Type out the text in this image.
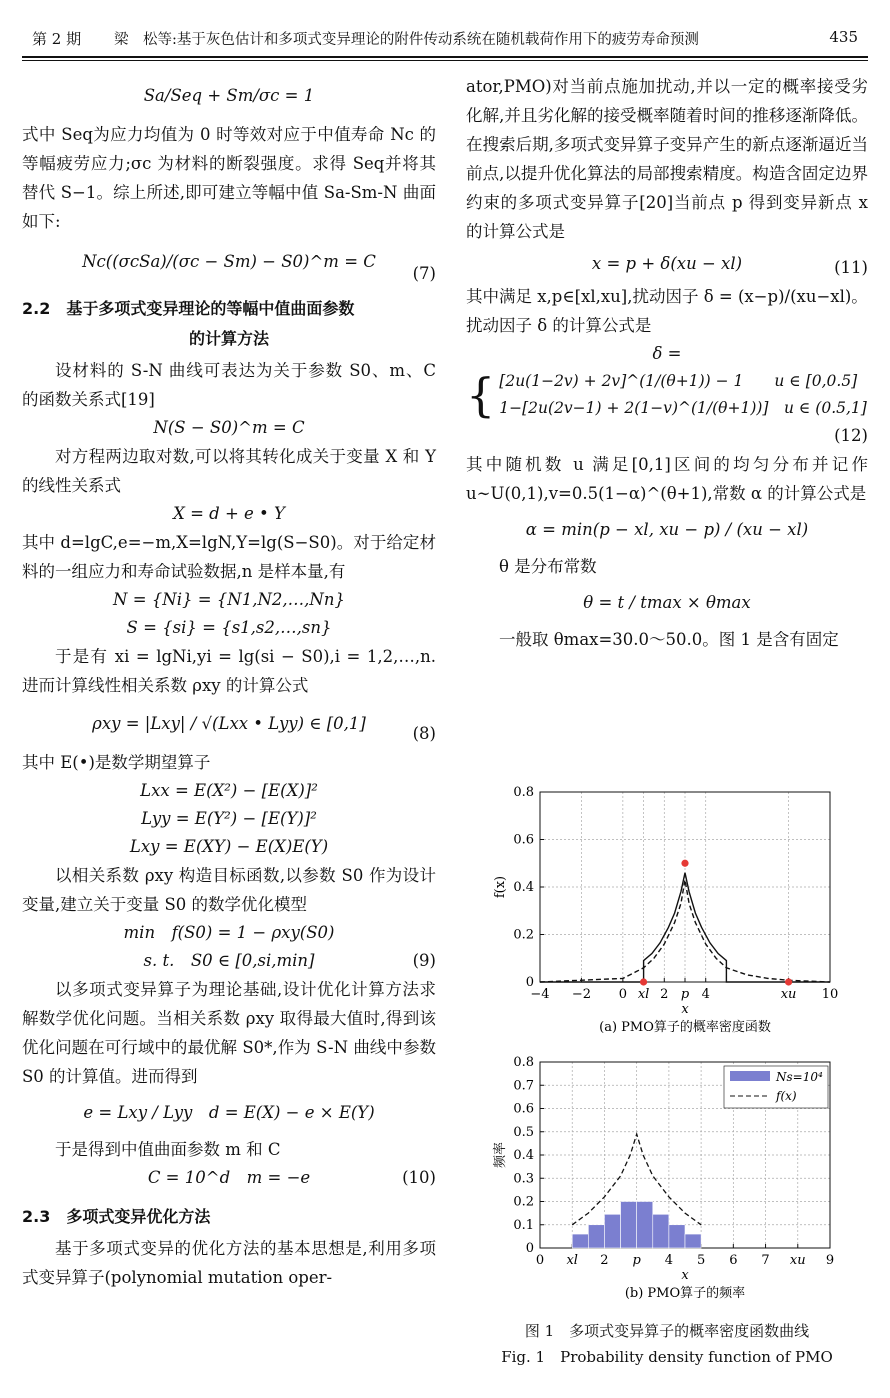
第 2 期 梁　松等:基于灰色估计和多项式变异理论的附件传动系统在随机载荷作用下的疲劳寿命预测	435
Sa/Seq + Sm/σc = 1

式中 Seq为应力均值为 0 时等效对应于中值寿命 Nc 的等幅疲劳应力;σc 为材料的断裂强度。求得 Seq并将其替代 S−1。综上所述,即可建立等幅中值 Sa-Sm-N 曲面如下:

Nc((σcSa)/(σc − Sm) − S0)^m = C
(7)
2.2　基于多项式变异理论的等幅中值曲面参数
的计算方法

设材料的 S-N 曲线可表达为关于参数 S0、m、C 的函数关系式[19]

N(S − S0)^m = C

对方程两边取对数,可以将其转化成关于变量 X 和 Y 的线性关系式

X = d + e • Y

其中 d=lgC,e=−m,X=lgN,Y=lg(S−S0)。对于给定材料的一组应力和寿命试验数据,n 是样本量,有

N = {Ni} = {N1,N2,…,Nn}
S = {si} = {s1,s2,…,sn}

于是有 xi = lgNi,yi = lg(si − S0),i = 1,2,…,n.进而计算线性相关系数 ρxy 的计算公式

ρxy = |Lxy| / √(Lxx • Lyy) ∈ [0,1]
(8)

其中 E(•)是数学期望算子

Lxx = E(X²) − [E(X)]²
Lyy = E(Y²) − [E(Y)]²
Lxy = E(XY) − E(X)E(Y)

以相关系数 ρxy 构造目标函数,以参数 S0 作为设计变量,建立关于变量 S0 的数学优化模型

min　f(S0) = 1 − ρxy(S0)
s. t.　S0 ∈ [0,si,min]	(9)

以多项式变异算子为理论基础,设计优化计算方法求解数学优化问题。当相关系数 ρxy 取得最大值时,得到该优化问题在可行域中的最优解 S0*,作为 S-N 曲线中参数 S0 的计算值。进而得到

e = Lxy / Lyy　d = E(X) − e × E(Y)

于是得到中值曲面参数 m 和 C

C = 10^d　m = −e	(10)
2.3　多项式变异优化方法

基于多项式变异的优化方法的基本思想是,利用多项式变异算子(polynomial mutation oper-

ator,PMO)对当前点施加扰动,并以一定的概率接受劣化解,并且劣化解的接受概率随着时间的推移逐渐降低。在搜索后期,多项式变异算子变异产生的新点逐渐逼近当前点,以提升优化算法的局部搜索精度。构造含固定边界约束的多项式变异算子[20]当前点 p 得到变异新点 x 的计算公式是

x = p + δ(xu − xl)	(11)

其中满足 x,p∈[xl,xu],扰动因子 δ = (x−p)/(xu−xl)。

扰动因子 δ 的计算公式是

δ =
{ [2u(1−2v) + 2v]^(1/(θ+1)) − 1　　u ∈ [0,0.5]
1−[2u(2v−1) + 2(1−v)^(1/(θ+1))]　u ∈ (0.5,1]
(12)

其中随机数 u 满足[0,1]区间的均匀分布并记作 u∼U(0,1),v=0.5(1−α)^(θ+1),常数 α 的计算公式是

α = min(p − xl, xu − p) / (xu − xl)

θ 是分布常数

θ = t / tmax × θmax

一般取 θmax=30.0～50.0。图 1 是含有固定

−4 −2 0 xl 2 p 4	xu 10
0
0.2
0.4
0.6
0.8
x
f(x)
(a) PMO算子的概率密度函数
0 xl 2 p 4 5 6 7 xu 9
0
0.1
0.2
0.3
0.4
0.5
0.6
0.7
0.8
x
频率
(b) PMO算子的频率
Ns=10⁴
f(x)
图 1　多项式变异算子的概率密度函数曲线
Fig. 1　Probability density function of PMO
